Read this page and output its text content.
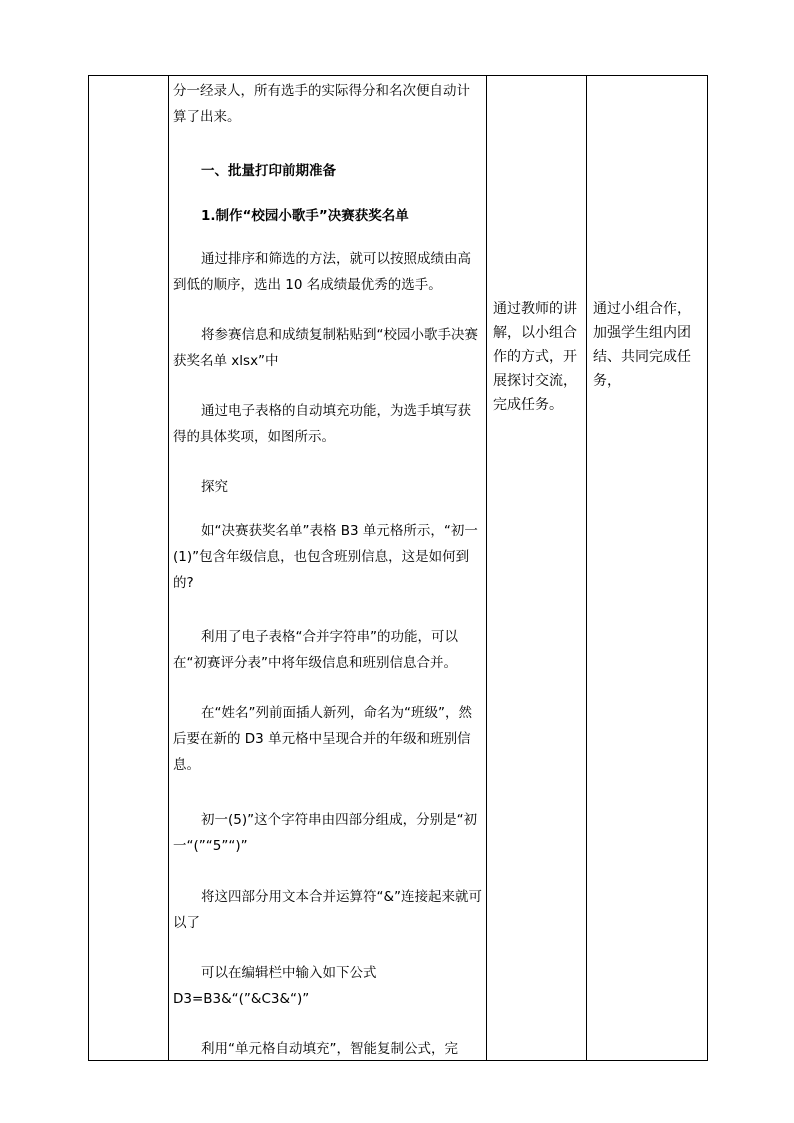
分一经录人，所有选手的实际得分和名次便自动计算了出来。

一、批量打印前期准备

1.制作“校园小歌手”决赛获奖名单

通过排序和筛选的方法，就可以按照成绩由高到低的顺序，选出 10 名成绩最优秀的选手。

将参赛信息和成绩复制粘贴到“校园小歌手决赛获奖名单 xlsx”中

通过电子表格的自动填充功能，为选手填写获得的具体奖项，如图所示。

探究

如“决赛获奖名单”表格 B3 单元格所示，“初一(1)”包含年级信息，也包含班别信息，这是如何到的?

利用了电子表格“合并字符串”的功能，可以在“初赛评分表”中将年级信息和班别信息合并。

在“姓名”列前面插人新列，命名为“班级”，然后要在新的 D3 单元格中呈现合并的年级和班别信息。

初一(5)”这个字符串由四部分组成，分别是“初一“(”“5”“)”

将这四部分用文本合并运算符“&”连接起来就可以了

可以在编辑栏中输入如下公式 D3=B3&“(”&C3&“)”

利用“单元格自动填充”，智能复制公式，完

通过教师的讲解，以小组合作的方式，开展探讨交流，完成任务。

通过小组合作，加强学生组内团结、共同完成任务，
